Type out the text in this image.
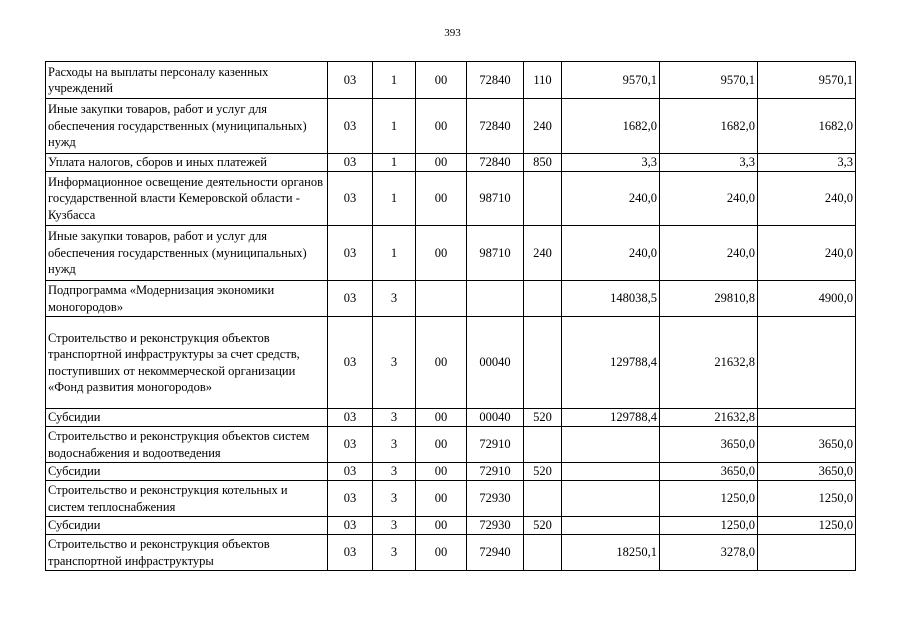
393
Расходы на выплаты персоналу казенных учреждений	03	1	00	72840	110	9570,1	9570,1	9570,1
Иные закупки товаров, работ и услуг для обеспечения государственных (муниципальных) нужд	03	1	00	72840	240	1682,0	1682,0	1682,0
Уплата налогов, сборов и иных платежей	03	1	00	72840	850	3,3	3,3	3,3
Информационное освещение деятельности органов государственной власти Кемеровской области - Кузбасса	03	1	00	98710		240,0	240,0	240,0
Иные закупки товаров, работ и услуг для обеспечения государственных (муниципальных) нужд	03	1	00	98710	240	240,0	240,0	240,0
Подпрограмма «Модернизация экономики моногородов»	03	3				148038,5	29810,8	4900,0
Строительство и реконструкция объектов транспортной инфраструктуры за счет средств, поступивших от некоммерческой организации «Фонд развития моногородов»	03	3	00	00040		129788,4	21632,8	
Субсидии	03	3	00	00040	520	129788,4	21632,8	
Строительство и реконструкция объектов систем водоснабжения и водоотведения	03	3	00	72910			3650,0	3650,0
Субсидии	03	3	00	72910	520		3650,0	3650,0
Строительство и реконструкция котельных и систем теплоснабжения	03	3	00	72930			1250,0	1250,0
Субсидии	03	3	00	72930	520		1250,0	1250,0
Строительство и реконструкция объектов транспортной инфраструктуры	03	3	00	72940		18250,1	3278,0	
